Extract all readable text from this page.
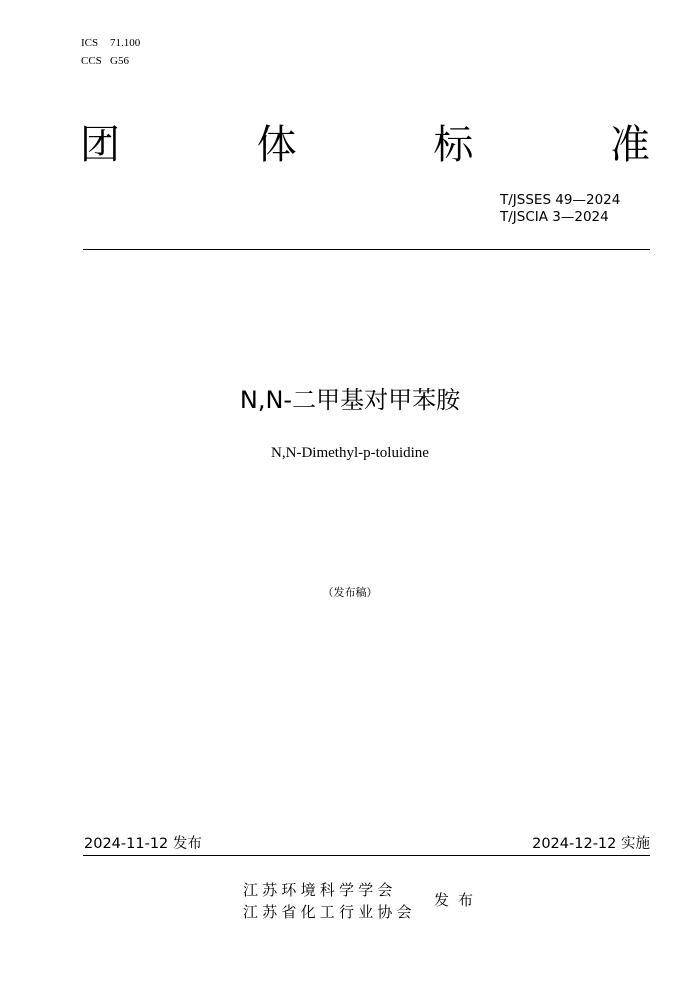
ICS 71.100
CCS G56
团	体	标	准
T/JSSES 49—2024
T/JSCIA 3—2024
N,N-二甲基对甲苯胺
N,N-Dimethyl-p-toluidine
（发布稿）
2024-11-12 发布	2024-12-12 实施
江苏环境科学学会
江苏省化工行业协会
发布
